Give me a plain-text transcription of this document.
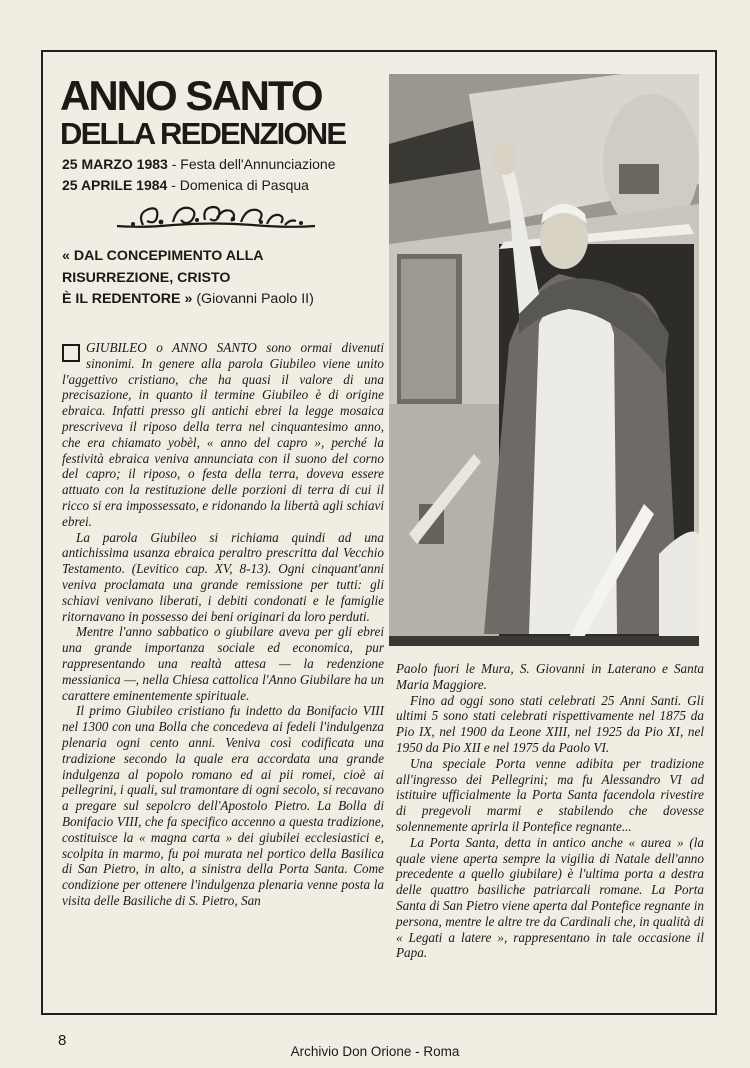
ANNO SANTO
DELLA REDENZIONE
25 MARZO 1983 - Festa dell'Annunciazione
25 APRILE 1984 - Domenica di Pasqua
« DAL CONCEPIMENTO ALLA
RISURREZIONE, CRISTO
È IL REDENTORE » (Giovanni Paolo II)

GIUBILEO o ANNO SANTO sono ormai divenuti sinonimi. In genere alla parola Giubileo viene unito l'aggettivo cristiano, che ha quasi il valore di una precisazione, in quanto il termine Giubileo è di origine ebraica. Infatti presso gli antichi ebrei la legge mosaica prescriveva il riposo della terra nel cinquantesimo anno, che era chiamato yobèl, « anno del capro », perché la festività ebraica veniva annunciata con il suono del corno del capro; il riposo, o festa della terra, doveva essere attuato con la restituzione delle porzioni di terra di cui il ricco si era impossessato, e ridonando la libertà agli schiavi ebrei.

La parola Giubileo si richiama quindi ad una antichissima usanza ebraica peraltro prescritta dal Vecchio Testamento. (Levitico cap. XV, 8-13). Ogni cinquant'anni veniva proclamata una grande remissione per tutti: gli schiavi venivano liberati, i debiti condonati e le famiglie ritornavano in possesso dei beni originari da loro perduti.

Mentre l'anno sabbatico o giubilare aveva per gli ebrei una grande importanza sociale ed economica, pur rappresentando una realtà attesa — la redenzione messianica —, nella Chiesa cattolica l'Anno Giubilare ha un carattere eminentemente spirituale.

Il primo Giubileo cristiano fu indetto da Bonifacio VIII nel 1300 con una Bolla che concedeva ai fedeli l'indulgenza plenaria ogni cento anni. Veniva così codificata una tradizione secondo la quale era accordata una grande indulgenza al popolo romano ed ai pii romei, cioè ai pellegrini, i quali, sul tramontare di ogni secolo, si recavano a pregare sul sepolcro dell'Apostolo Pietro. La Bolla di Bonifacio VIII, che fa specifico accenno a questa tradizione, costituisce la « magna carta » dei giubilei ecclesiastici e, scolpita in marmo, fu poi murata nel portico della Basilica di San Pietro, in alto, a sinistra della Porta Santa. Come condizione per ottenere l'indulgenza plenaria venne posta la visita delle Basiliche di S. Pietro, San

Paolo fuori le Mura, S. Giovanni in Laterano e Santa Maria Maggiore.

Fino ad oggi sono stati celebrati 25 Anni Santi. Gli ultimi 5 sono stati celebrati rispettivamente nel 1875 da Pio IX, nel 1900 da Leone XIII, nel 1925 da Pio XI, nel 1950 da Pio XII e nel 1975 da Paolo VI.

Una speciale Porta venne adibita per tradizione all'ingresso dei Pellegrini; ma fu Alessandro VI ad istituire ufficialmente la Porta Santa facendola rivestire di pregevoli marmi e stabilendo che dovesse solennemente aprirla il Pontefice regnante...

La Porta Santa, detta in antico anche « aurea » (la quale viene aperta sempre la vigilia di Natale dell'anno precedente a quello giubilare) è l'ultima porta a destra delle quattro basiliche patriarcali romane. La Porta Santa di San Pietro viene aperta dal Pontefice regnante in persona, mentre le altre tre da Cardinali che, in qualità di « Legati a latere », rappresentano in tale occasione il Papa.

8
Archivio Don Orione - Roma
